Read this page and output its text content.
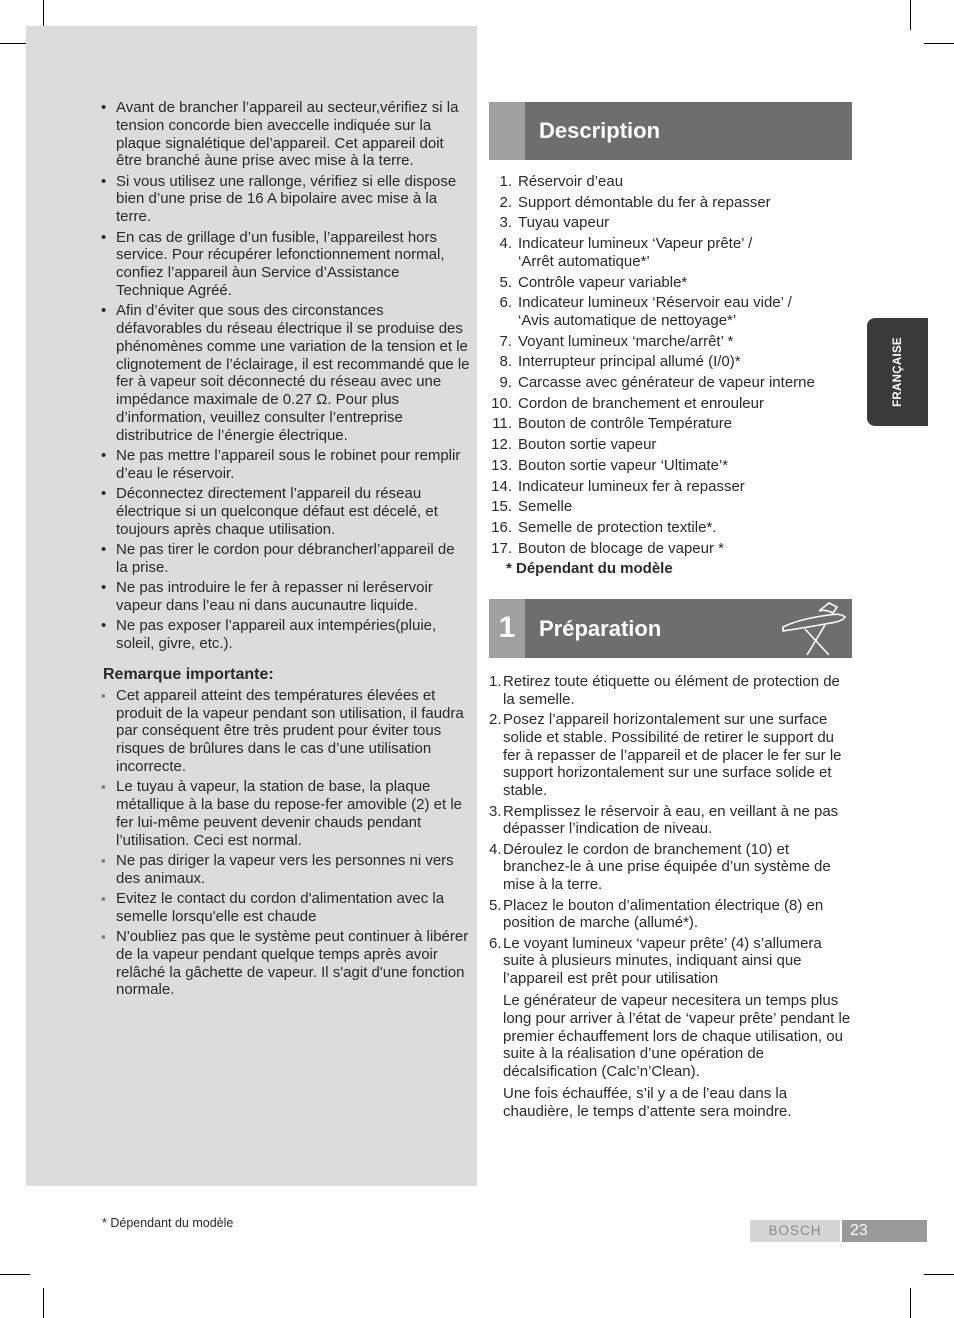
• Avant de brancher l’appareil au secteur,vérifiez si la tension concorde bien aveccelle indiquée sur la plaque signalétique del’appareil. Cet appareil doit être branché àune prise avec mise à la terre.
• Si vous utilisez une rallonge, vérifiez si elle dispose bien d’une prise de 16 A bipolaire avec mise à la terre.
• En cas de grillage d’un fusible, l’appareilest hors service. Pour récupérer lefonctionnement normal, confiez l’appareil àun Service d’Assistance Technique Agréé.
• Afin d’éviter que sous des circonstances défavorables du réseau électrique il se produise des phénomènes comme une variation de la tension et le clignotement de l’éclairage, il est recommandé que le fer à vapeur soit déconnecté du réseau avec une impédance maximale de 0.27 Ω. Pour plus d’information, veuillez consulter l’entreprise distributrice de l’énergie électrique.
• Ne pas mettre l’appareil sous le robinet pour remplir d’eau le réservoir.
• Déconnectez directement l’appareil du réseau électrique si un quelconque défaut est décelé, et toujours après chaque utilisation.
• Ne pas tirer le cordon pour débrancherl’appareil de la prise.
• Ne pas introduire le fer à repasser ni leréservoir vapeur dans l’eau ni dans aucunautre liquide.
• Ne pas exposer l’appareil aux intempéries(pluie, soleil, givre, etc.).
Remarque importante:
▪ Cet appareil atteint des températures élevées et produit de la vapeur pendant son utilisation, il faudra par conséquent être très prudent pour éviter tous risques de brûlures dans le cas d’une utilisation incorrecte.
▪ Le tuyau à vapeur, la station de base, la plaque métallique à la base du repose-fer amovible (2) et le fer lui-même peuvent devenir chauds pendant l’utilisation. Ceci est normal.
▪ Ne pas diriger la vapeur vers les personnes ni vers des animaux.
▪ Evitez le contact du cordon d'alimentation avec la semelle lorsqu'elle est chaude
▪ N'oubliez pas que le système peut continuer à libérer de la vapeur pendant quelque temps après avoir relâché la gâchette de vapeur. Il s'agit d'une fonction normale.
Description
1. Réservoir d’eau
2. Support démontable du fer à repasser
3. Tuyau vapeur
4. Indicateur lumineux ‘Vapeur prête’ / ‘Arrêt automatique*’
5. Contrôle vapeur variable*
6. Indicateur lumineux ‘Réservoir eau vide’ / ‘Avis automatique de nettoyage*’
7. Voyant lumineux ‘marche/arrêt’ *
8. Interrupteur principal allumé (I/0)*
9. Carcasse avec générateur de vapeur interne
10. Cordon de branchement et enrouleur
11. Bouton de contrôle Température
12. Bouton sortie vapeur
13. Bouton sortie vapeur ‘Ultimate’*
14. Indicateur lumineux fer à repasser
15. Semelle
16. Semelle de protection textile*.
17. Bouton de blocage de vapeur *
* Dépendant du modèle
1	Préparation
1. Retirez toute étiquette ou élément de protection de la semelle.
2. Posez l’appareil horizontalement sur une surface solide et stable. Possibilité de retirer le support du fer à repasser de l’appareil et de placer le fer sur le support horizontalement sur une surface solide et stable.
3. Remplissez le réservoir à eau, en veillant à ne pas dépasser l’indication de niveau.
4. Déroulez le cordon de branchement (10) et branchez-le à une prise équipée d’un système de mise à la terre.
5. Placez le bouton d’alimentation électrique (8) en position de marche (allumé*).
6. Le voyant lumineux ‘vapeur prête’ (4) s’allumera suite à plusieurs minutes, indiquant ainsi que l’appareil est prêt pour utilisation

Le générateur de vapeur necesitera un temps plus long pour arriver à l’état de ‘vapeur prête’ pendant le premier échauffement lors de chaque utilisation, ou suite à la réalisation d’une opération de décalsification (Calc’n’Clean).

Une fois échauffée, s’il y a de l’eau dans la chaudière, le temps d’attente sera moindre.

FRANÇAISE
* Dépendant du modèle	BOSCH	23
